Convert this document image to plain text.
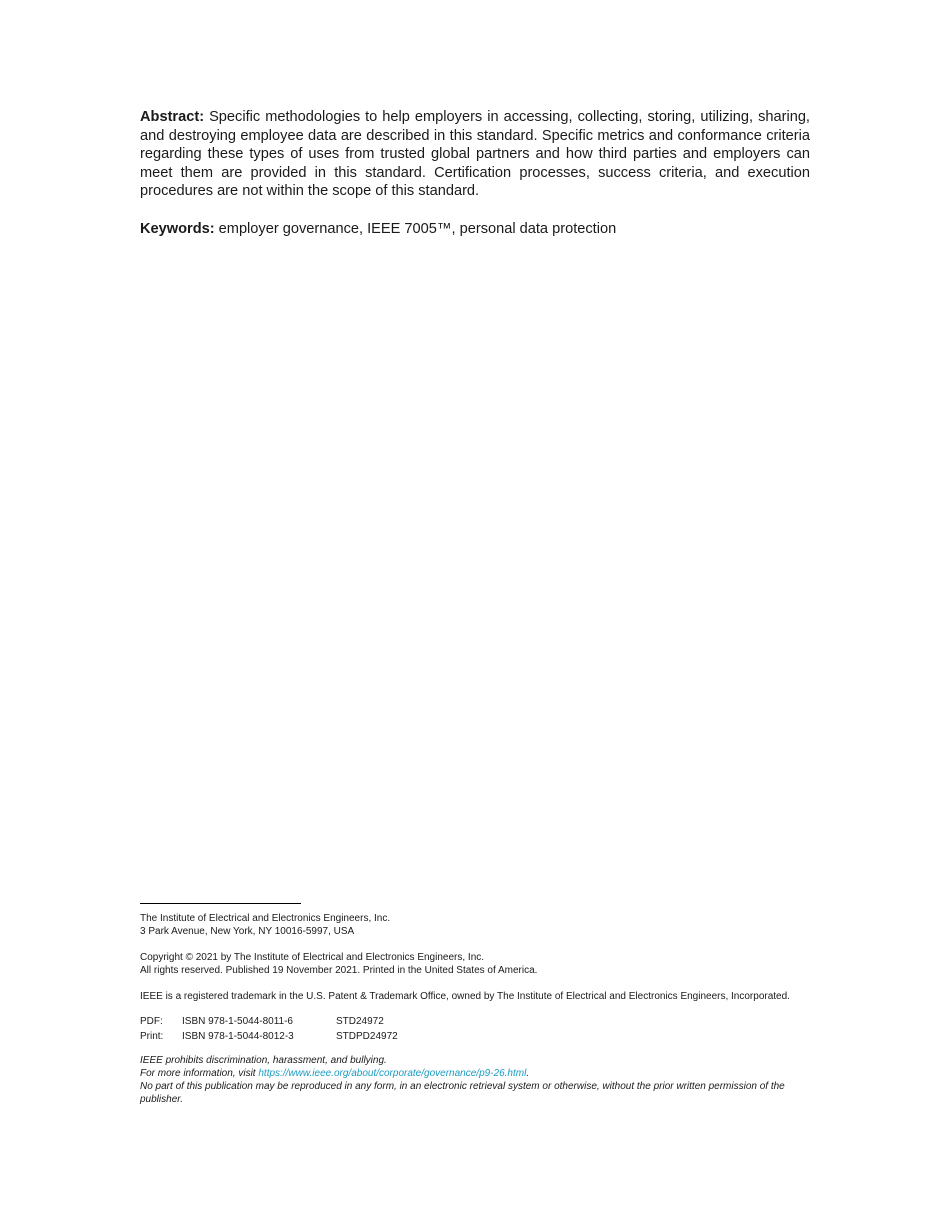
Abstract: Specific methodologies to help employers in accessing, collecting, storing, utilizing, sharing, and destroying employee data are described in this standard. Specific metrics and conformance criteria regarding these types of uses from trusted global partners and how third parties and employers can meet them are provided in this standard. Certification processes, success criteria, and execution procedures are not within the scope of this standard.

Keywords: employer governance, IEEE 7005™, personal data protection

The Institute of Electrical and Electronics Engineers, Inc.
3 Park Avenue, New York, NY 10016-5997, USA
Copyright © 2021 by The Institute of Electrical and Electronics Engineers, Inc.
All rights reserved. Published 19 November 2021. Printed in the United States of America.
IEEE is a registered trademark in the U.S. Patent & Trademark Office, owned by The Institute of Electrical and Electronics Engineers, Incorporated.
PDF:	ISBN 978-1-5044-8011-6	STD24972
Print:	ISBN 978-1-5044-8012-3	STDPD24972
IEEE prohibits discrimination, harassment, and bullying.
For more information, visit https://www.ieee.org/about/corporate/governance/p9-26.html.
No part of this publication may be reproduced in any form, in an electronic retrieval system or otherwise, without the prior written permission of the publisher.
